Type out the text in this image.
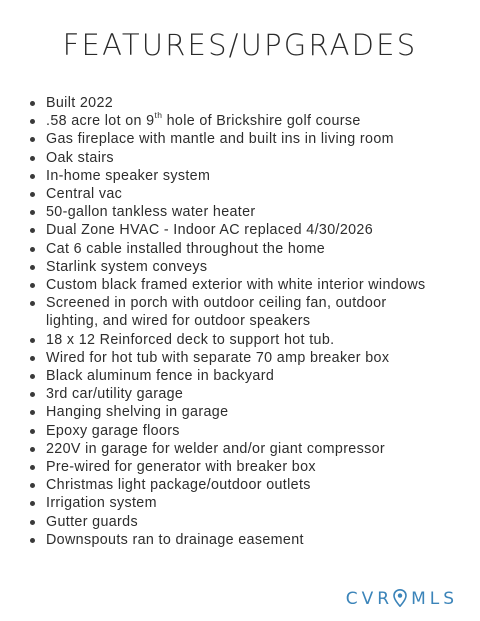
FEATURES/UPGRADES
Built 2022
.58 acre lot on 9th hole of Brickshire golf course
Gas fireplace with mantle and built ins in living room
Oak stairs
In-home speaker system
Central vac
50-gallon tankless water heater
Dual Zone HVAC - Indoor AC replaced 4/30/2026
Cat 6 cable installed throughout the home
Starlink system conveys
Custom black framed exterior with white interior windows
Screened in porch with outdoor ceiling fan, outdoor
lighting, and wired for outdoor speakers
18 x 12 Reinforced deck to support hot tub.
Wired for hot tub with separate 70 amp breaker box
Black aluminum fence in backyard
3rd car/utility garage
Hanging shelving in garage
Epoxy garage floors
220V in garage for welder and/or giant compressor
Pre-wired for generator with breaker box
Christmas light package/outdoor outlets
Irrigation system
Gutter guards
Downspouts ran to drainage easement
CVR MLS
